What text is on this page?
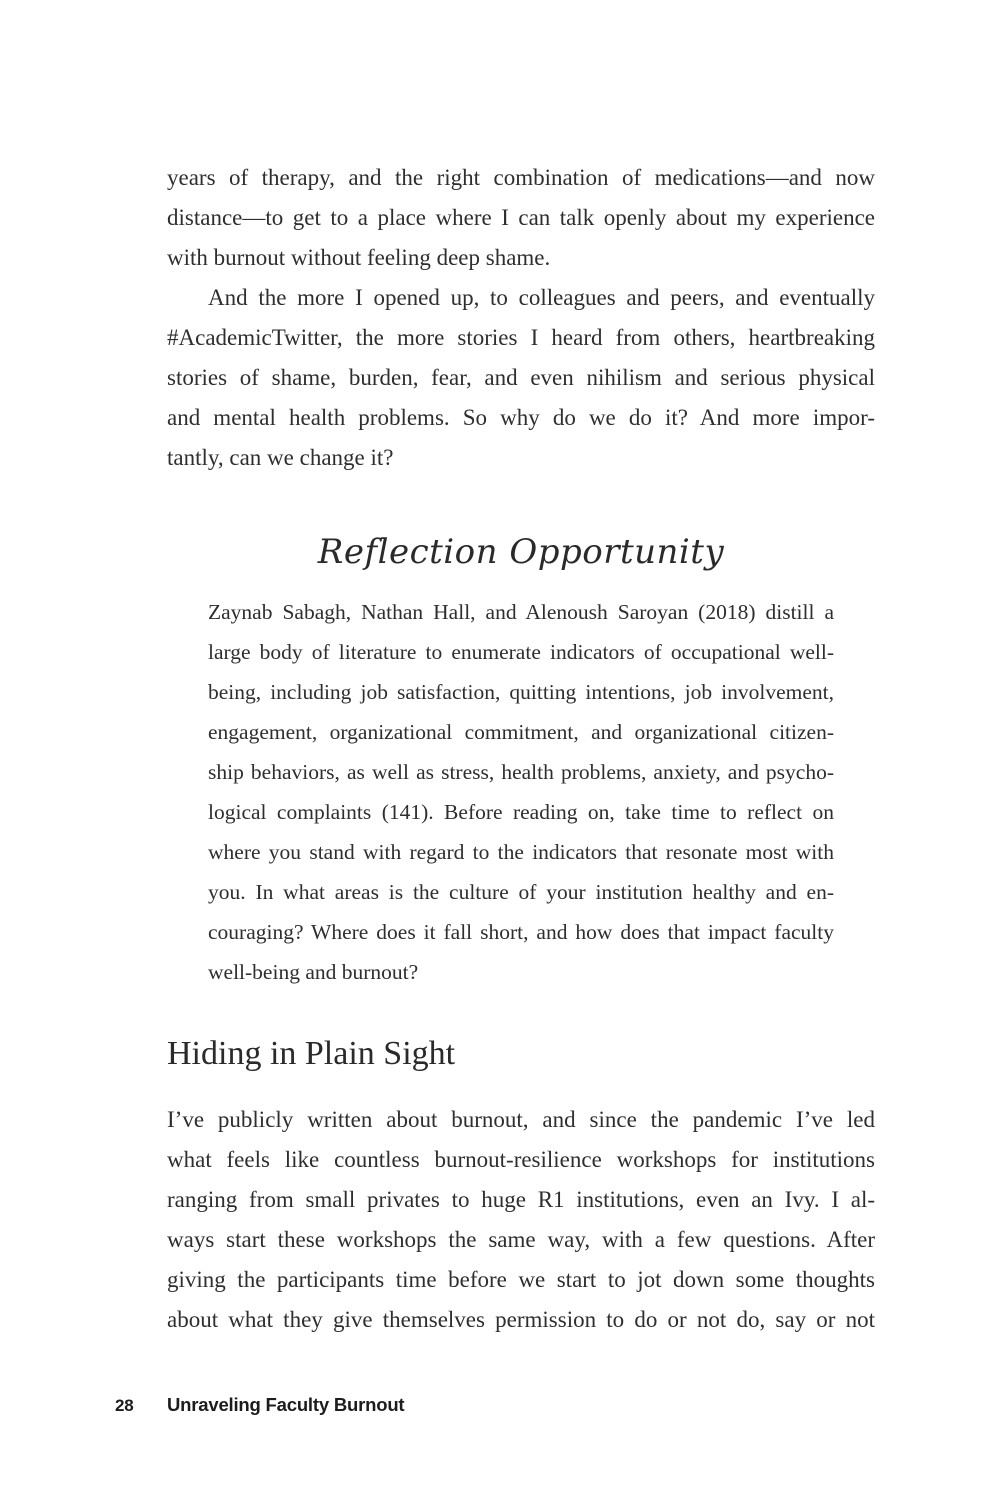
years of therapy, and the right combination of medications—and now
distance—to get to a place where I can talk openly about my experience
with burnout without feeling deep shame.
And the more I opened up, to colleagues and peers, and eventually
#AcademicTwitter, the more stories I heard from others, heartbreaking
stories of shame, burden, fear, and even nihilism and serious physical
and mental health problems. So why do we do it? And more impor-
tantly, can we change it?
Reflection Opportunity
Zaynab Sabagh, Nathan Hall, and Alenoush Saroyan (2018) distill a
large body of literature to enumerate indicators of occupational well-
being, including job satisfaction, quitting intentions, job involvement,
engagement, organizational commitment, and organizational citizen-
ship behaviors, as well as stress, health problems, anxiety, and psycho-
logical complaints (141). Before reading on, take time to reflect on
where you stand with regard to the indicators that resonate most with
you. In what areas is the culture of your institution healthy and en-
couraging? Where does it fall short, and how does that impact faculty
well-being and burnout?
Hiding in Plain Sight
I’ve publicly written about burnout, and since the pandemic I’ve led
what feels like countless burnout-resilience workshops for institutions
ranging from small privates to huge R1 institutions, even an Ivy. I al-
ways start these workshops the same way, with a few questions. After
giving the participants time before we start to jot down some thoughts
about what they give themselves permission to do or not do, say or not
28	Unraveling Faculty Burnout
